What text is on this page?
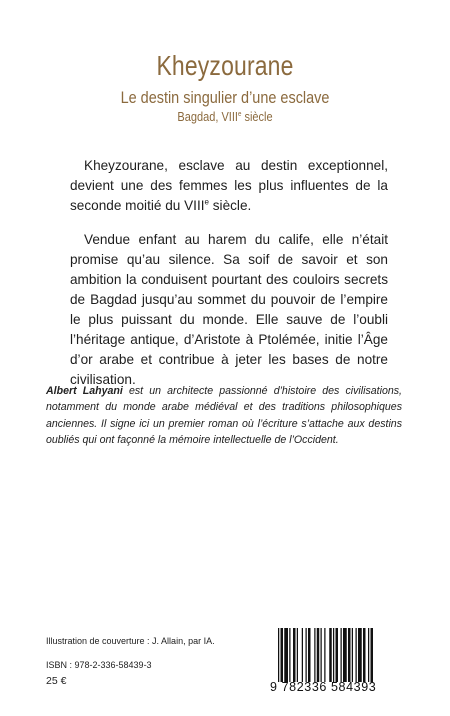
Kheyzourane
Le destin singulier d’une esclave
Bagdad, VIIIe siècle

Kheyzourane, esclave au destin exceptionnel, devient une des femmes les plus influentes de la seconde moitié du VIIIe siècle.

Vendue enfant au harem du calife, elle n’était promise qu’au silence. Sa soif de savoir et son ambition la conduisent pourtant des couloirs secrets de Bagdad jusqu’au sommet du pouvoir de l’empire le plus puissant du monde. Elle sauve de l’oubli l’héritage antique, d’Aristote à Ptolémée, initie l’Âge d’or arabe et contribue à jeter les bases de notre civilisation.

Albert Lahyani est un architecte passionné d’histoire des civilisations, notamment du monde arabe médiéval et des traditions philosophiques anciennes. Il signe ici un premier roman où l’écriture s’attache aux destins oubliés qui ont façonné la mémoire intellectuelle de l’Occident.

Illustration de couverture : J. Allain, par IA.
ISBN : 978-2-336-58439-3
25 €	9 782336 584393
